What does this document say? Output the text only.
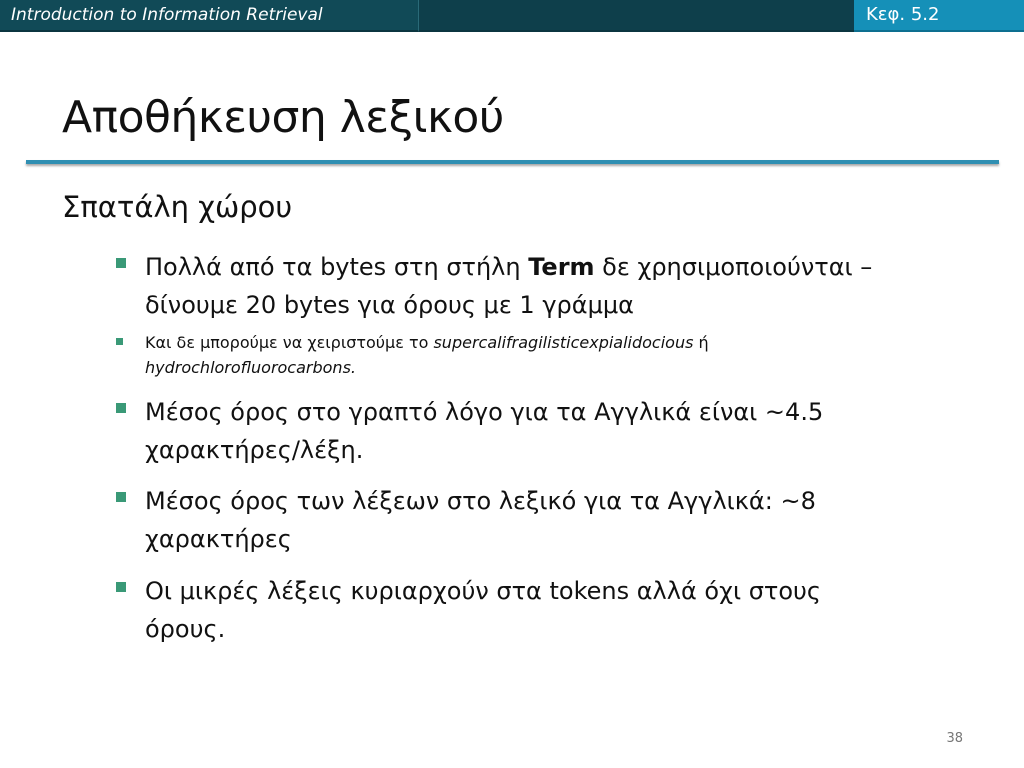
Introduction to Information Retrieval	Κεφ. 5.2
Αποθήκευση λεξικού
Σπατάλη χώρου
Πολλά από τα bytes στη στήλη Term δε χρησιμοποιούνται –
δίνουμε 20 bytes για όρους με 1 γράμμα
Και δε μπορούμε να χειριστούμε το supercalifragilisticexpialidocious ή
hydrochlorofluorocarbons.
Μέσος όρος στο γραπτό λόγο για τα Αγγλικά είναι ~4.5
χαρακτήρες/λέξη.
Μέσος όρος των λέξεων στο λεξικό για τα Αγγλικά: ~8
χαρακτήρες
Οι μικρές λέξεις κυριαρχούν στα tokens αλλά όχι στους
όρους.
38
